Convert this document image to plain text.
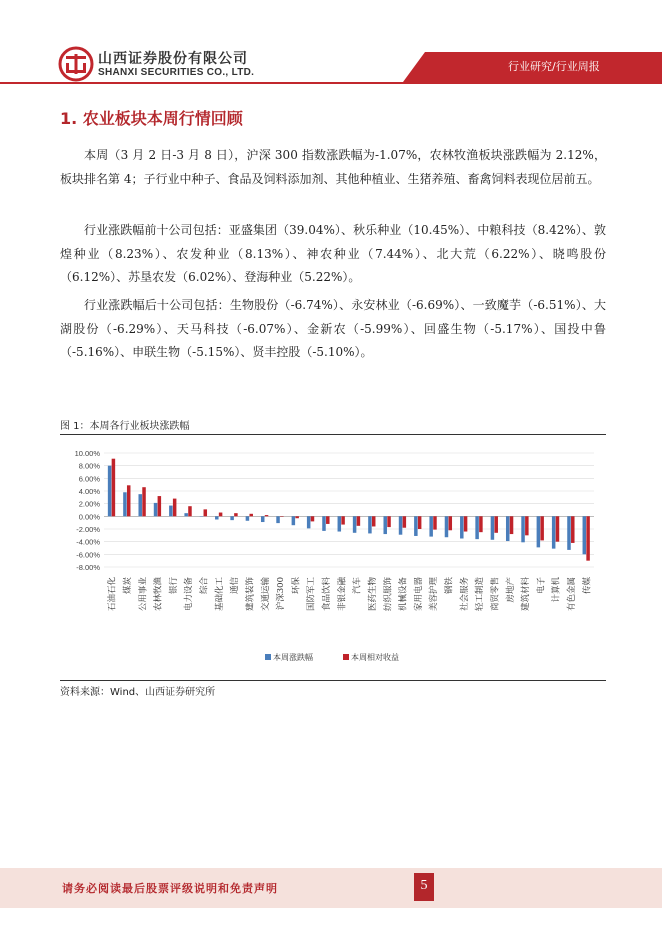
山西证券股份有限公司
SHANXI SECURITIES CO., LTD.	行业研究/行业周报
1. 农业板块本周行情回顾
本周（3 月 2 日-3 月 8 日），沪深 300 指数涨跌幅为-1.07%，农林牧渔板块涨跌幅为 2.12%，板块排名第 4；子行业中种子、食品及饲料添加剂、其他种植业、生猪养殖、畜禽饲料表现位居前五。
行业涨跌幅前十公司包括：亚盛集团（39.04%）、秋乐种业（10.45%）、中粮科技（8.42%）、敦煌种业（8.23%）、农发种业（8.13%）、神农种业（7.44%）、北大荒（6.22%）、晓鸣股份（6.12%）、苏垦农发（6.02%）、登海种业（5.22%）。
行业涨跌幅后十公司包括：生物股份（-6.74%）、永安林业（-6.69%）、一致魔芋（-6.51%）、大湖股份（-6.29%）、天马科技（-6.07%）、金新农（-5.99%）、回盛生物（-5.17%）、国投中鲁（-5.16%）、申联生物（-5.15%）、贤丰控股（-5.10%）。
图 1：本周各行业板块涨跌幅
10.00%
8.00%
6.00%
4.00%
2.00%
0.00%
-2.00%
-4.00%
-6.00%
-8.00%
石油石化 煤炭 公用事业 农林牧渔 银行 电力设备 综合 基础化工 通信 建筑装饰 交通运输 沪深300 环保 国防军工 食品饮料 非银金融 汽车 医药生物 纺织服饰 机械设备 家用电器 美容护理 钢铁 社会服务 轻工制造 商贸零售 房地产 建筑材料 电子 计算机 有色金属 传媒
本周涨跌幅	本周相对收益
资料来源：Wind、山西证券研究所
请务必阅读最后股票评级说明和免责声明	5
